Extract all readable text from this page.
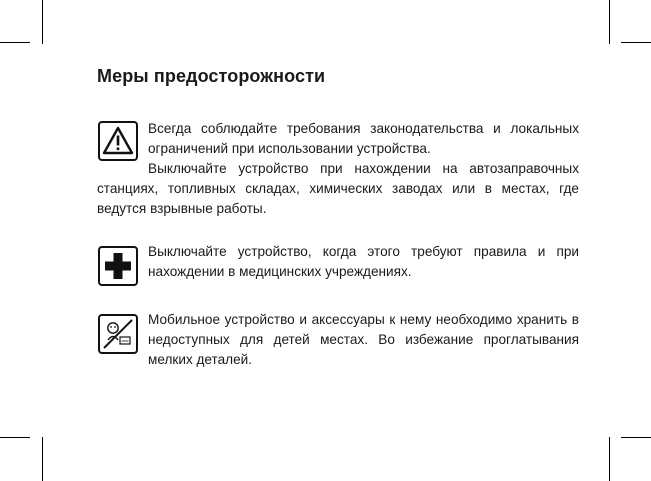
Меры предосторожности
Всегда соблюдайте требования законодательства и локальных ограничений при использовании устройства.
Выключайте устройство при нахождении на автозаправочных станциях, топливных складах, химических заводах или в местах, где ведутся взрывные работы.
Выключайте устройство, когда этого требуют правила и при нахождении в медицинских учреждениях.
Мобильное устройство и аксессуары к нему необходимо хранить в недоступных для детей местах. Во избежание проглатывания мелких деталей.
